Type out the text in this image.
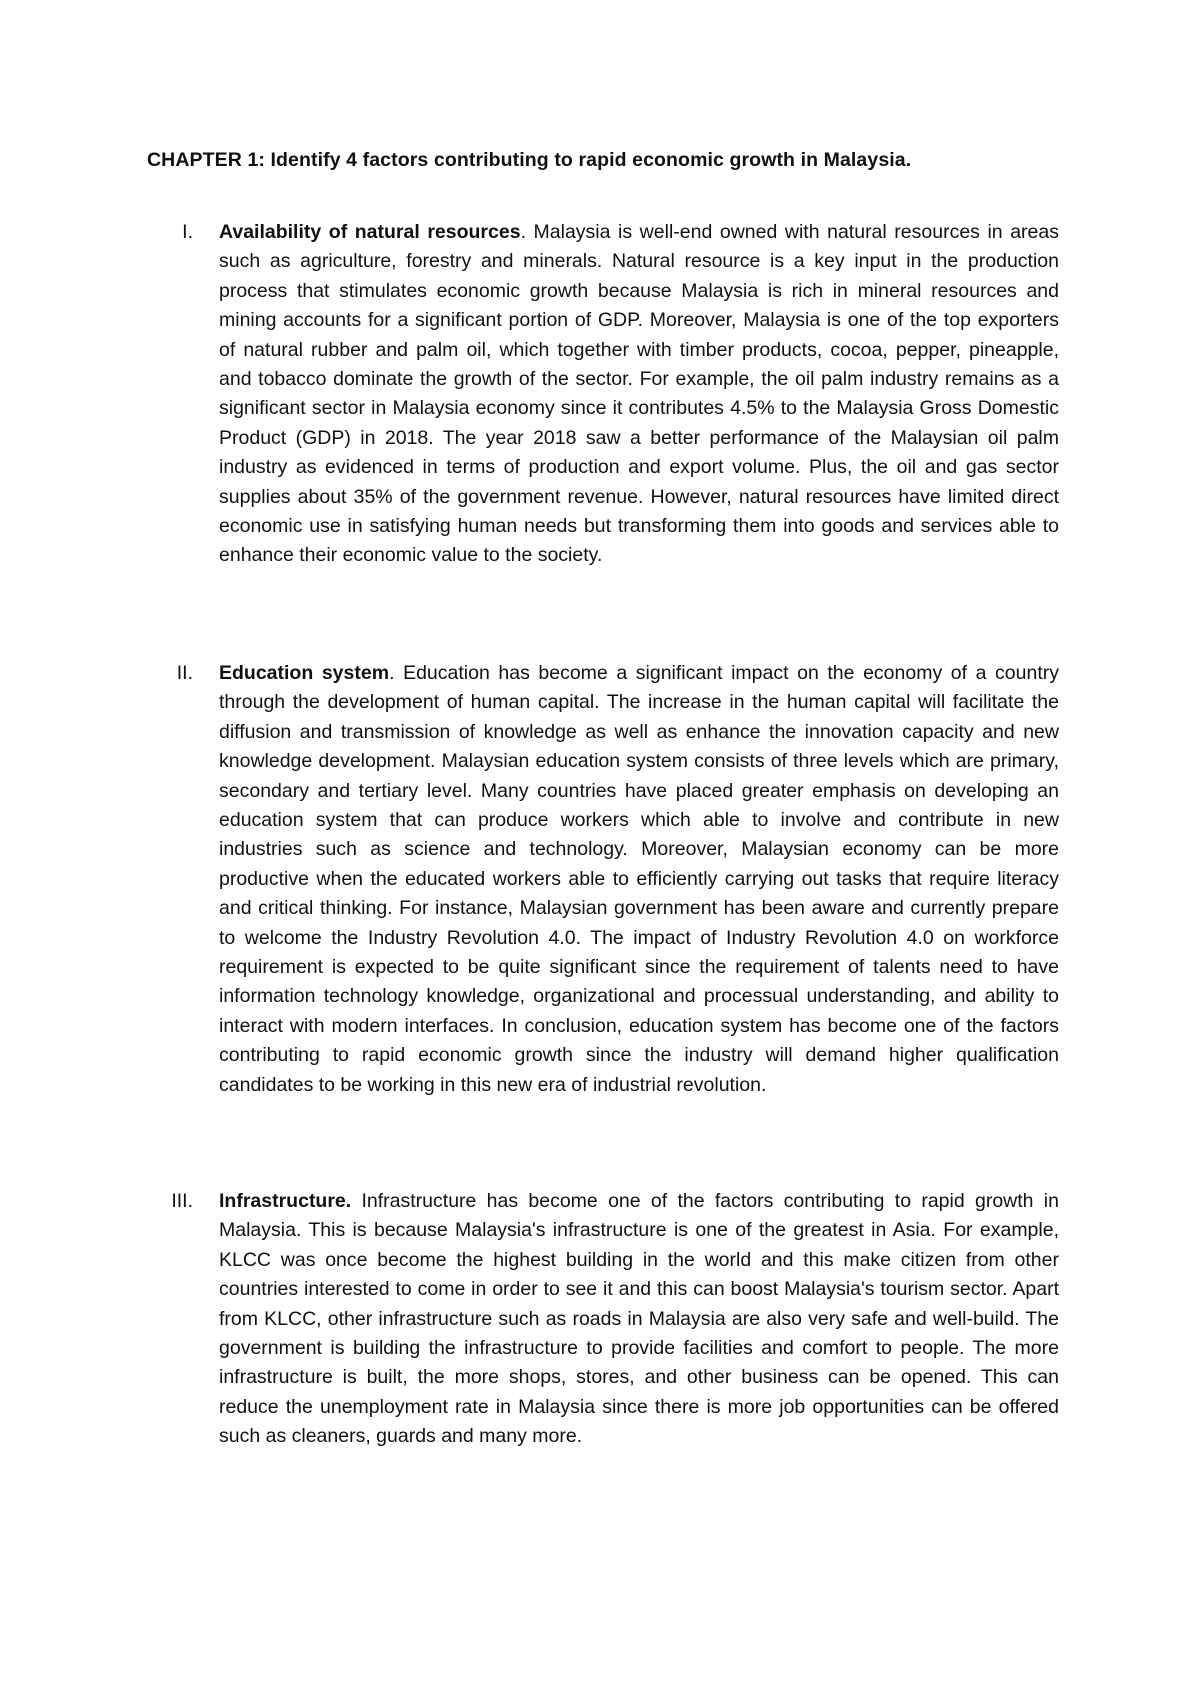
CHAPTER 1: Identify 4 factors contributing to rapid economic growth in Malaysia.
I. Availability of natural resources. Malaysia is well-end owned with natural resources in areas such as agriculture, forestry and minerals. Natural resource is a key input in the production process that stimulates economic growth because Malaysia is rich in mineral resources and mining accounts for a significant portion of GDP. Moreover, Malaysia is one of the top exporters of natural rubber and palm oil, which together with timber products, cocoa, pepper, pineapple, and tobacco dominate the growth of the sector. For example, the oil palm industry remains as a significant sector in Malaysia economy since it contributes 4.5% to the Malaysia Gross Domestic Product (GDP) in 2018. The year 2018 saw a better performance of the Malaysian oil palm industry as evidenced in terms of production and export volume. Plus, the oil and gas sector supplies about 35% of the government revenue. However, natural resources have limited direct economic use in satisfying human needs but transforming them into goods and services able to enhance their economic value to the society.
II. Education system. Education has become a significant impact on the economy of a country through the development of human capital. The increase in the human capital will facilitate the diffusion and transmission of knowledge as well as enhance the innovation capacity and new knowledge development. Malaysian education system consists of three levels which are primary, secondary and tertiary level. Many countries have placed greater emphasis on developing an education system that can produce workers which able to involve and contribute in new industries such as science and technology. Moreover, Malaysian economy can be more productive when the educated workers able to efficiently carrying out tasks that require literacy and critical thinking. For instance, Malaysian government has been aware and currently prepare to welcome the Industry Revolution 4.0. The impact of Industry Revolution 4.0 on workforce requirement is expected to be quite significant since the requirement of talents need to have information technology knowledge, organizational and processual understanding, and ability to interact with modern interfaces. In conclusion, education system has become one of the factors contributing to rapid economic growth since the industry will demand higher qualification candidates to be working in this new era of industrial revolution.
III. Infrastructure. Infrastructure has become one of the factors contributing to rapid growth in Malaysia. This is because Malaysia's infrastructure is one of the greatest in Asia. For example, KLCC was once become the highest building in the world and this make citizen from other countries interested to come in order to see it and this can boost Malaysia's tourism sector. Apart from KLCC, other infrastructure such as roads in Malaysia are also very safe and well-build. The government is building the infrastructure to provide facilities and comfort to people. The more infrastructure is built, the more shops, stores, and other business can be opened. This can reduce the unemployment rate in Malaysia since there is more job opportunities can be offered such as cleaners, guards and many more.
